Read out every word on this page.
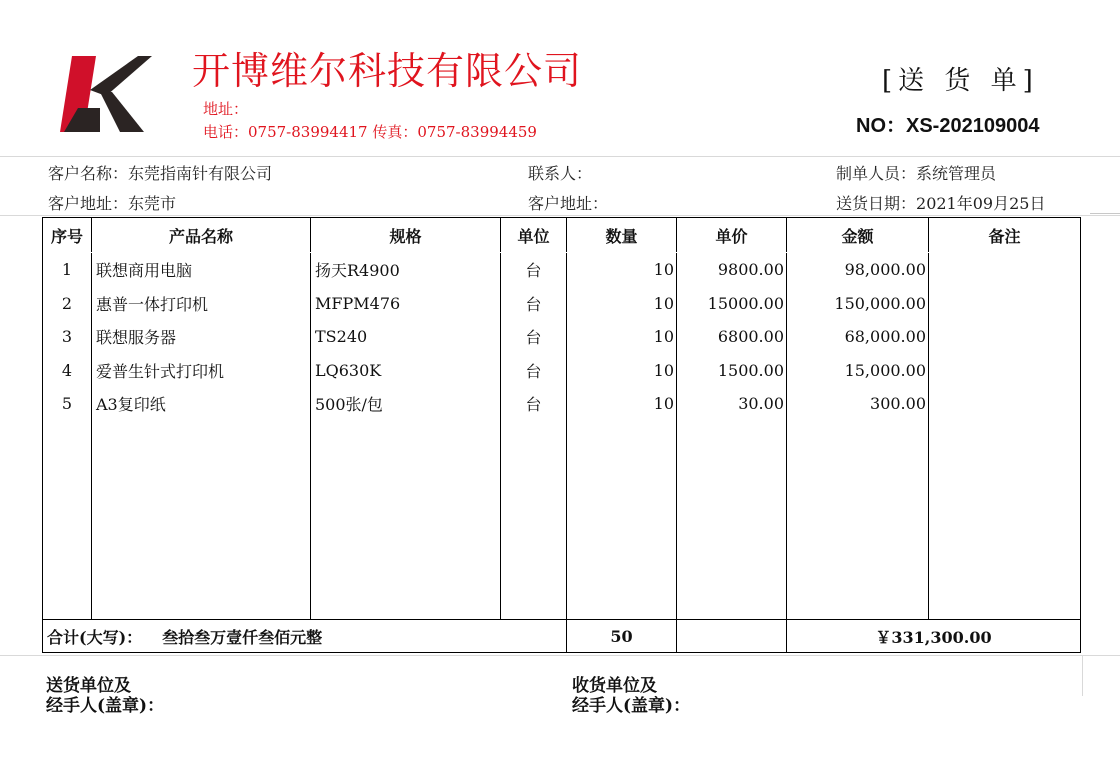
开博维尔科技有限公司
地址：
电话：0757-83994417 传真：0757-83994459
[送 货 单]
NO：XS-202109004
客户名称：东莞指南针有限公司
客户地址：东莞市
联系人：
客户地址：
制单人员：系统管理员
送货日期：2021年09月25日
序号	产品名称	规格	单位	数量	单价	金额	备注
1	联想商用电脑	扬天R4900	台	10	9800.00	98,000.00	
2	惠普一体打印机	MFPM476	台	10	15000.00	150,000.00	
3	联想服务器	TS240	台	10	6800.00	68,000.00	
4	爱普生针式打印机	LQ630K	台	10	1500.00	15,000.00	
5	A3复印纸	500张/包	台	10	30.00	300.00	

合计(大写)： 叁拾叁万壹仟叁佰元整				50		￥331,300.00	
送货单位及
经手人(盖章)：
收货单位及
经手人(盖章)：
